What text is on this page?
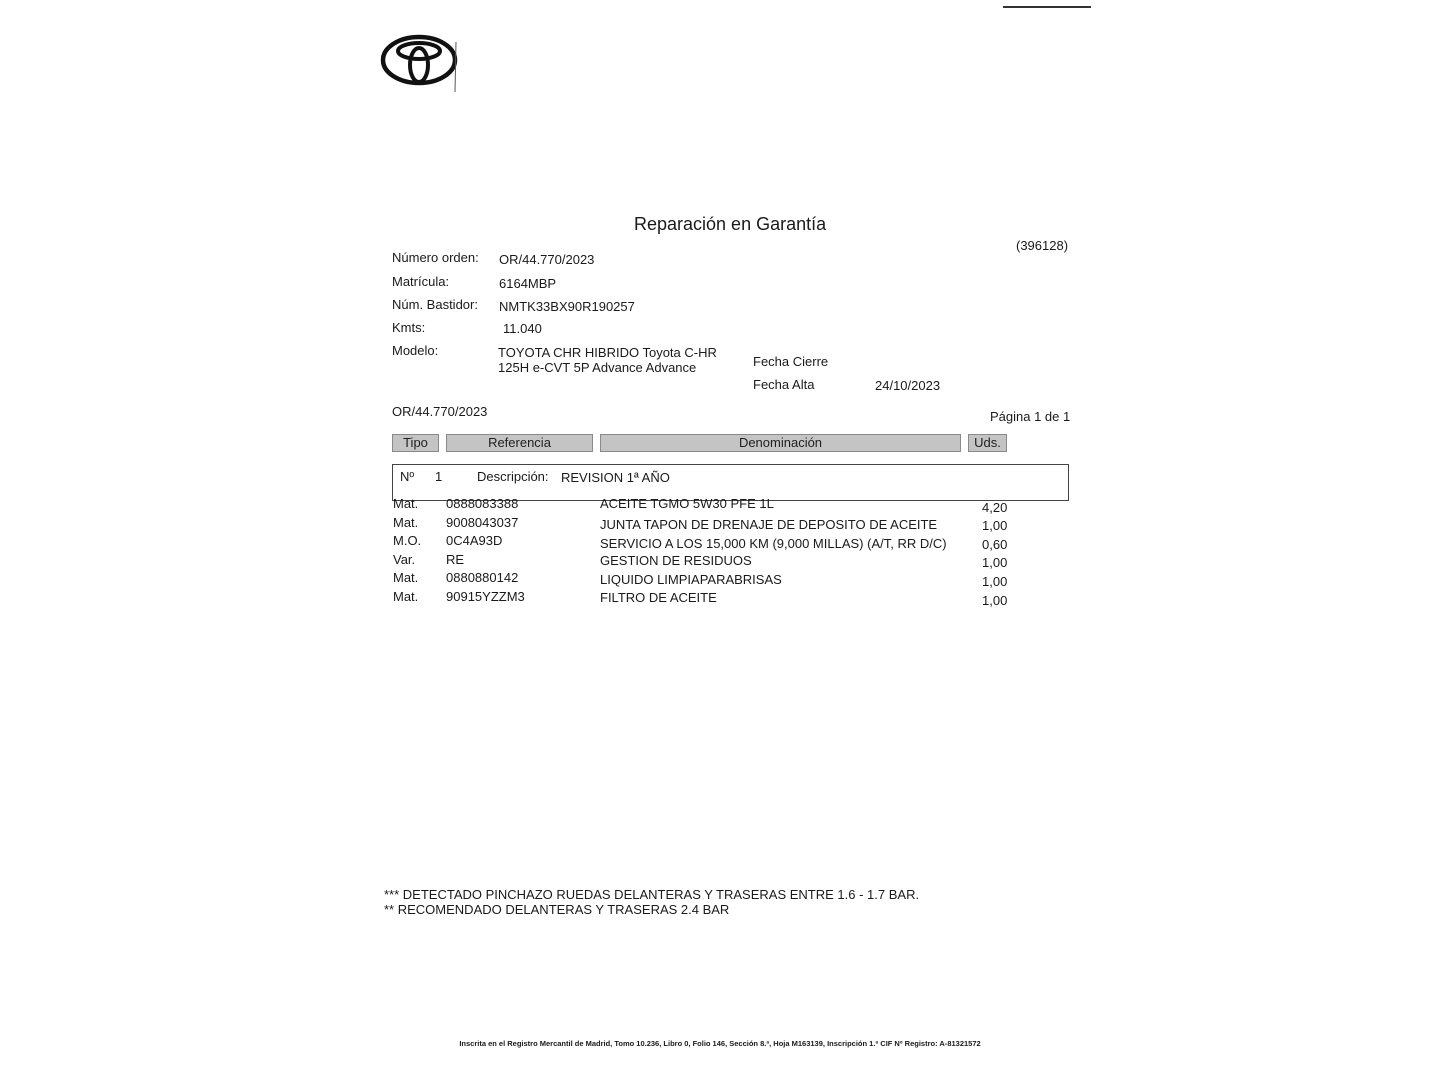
Reparación en Garantía
(396128)
Número orden: OR/44.770/2023
Matrícula:	6164MBP
Núm. Bastidor: NMTK33BX90R190257
Kmts:	11.040
Modelo:	TOYOTA CHR HIBRIDO Toyota C-HR
125H e-CVT 5P Advance Advance	Fecha Cierre
Fecha Alta	24/10/2023
OR/44.770/2023	Página 1 de 1
Tipo	Referencia	Denominación	Uds.
Nº 1	Descripción: REVISION 1ª AÑO
Mat. 0888083388	ACEITE TGMO 5W30 PFE 1L	4,20
Mat. 9008043037	JUNTA TAPON DE DRENAJE DE DEPOSITO DE ACEITE	1,00
M.O. 0C4A93D	SERVICIO A LOS 15,000 KM (9,000 MILLAS) (A/T, RR D/C)	0,60
Var. RE	GESTION DE RESIDUOS	1,00
Mat. 0880880142	LIQUIDO LIMPIAPARABRISAS	1,00
Mat. 90915YZZM3	FILTRO DE ACEITE	1,00
*** DETECTADO PINCHAZO RUEDAS DELANTERAS Y TRASERAS ENTRE 1.6 - 1.7 BAR.
** RECOMENDADO DELANTERAS Y TRASERAS 2.4 BAR
Inscrita en el Registro Mercantil de Madrid, Tomo 10.236, Libro 0, Folio 146, Sección 8.ª, Hoja M163139, Inscripción 1.ª CIF Nº Registro: A-81321572
